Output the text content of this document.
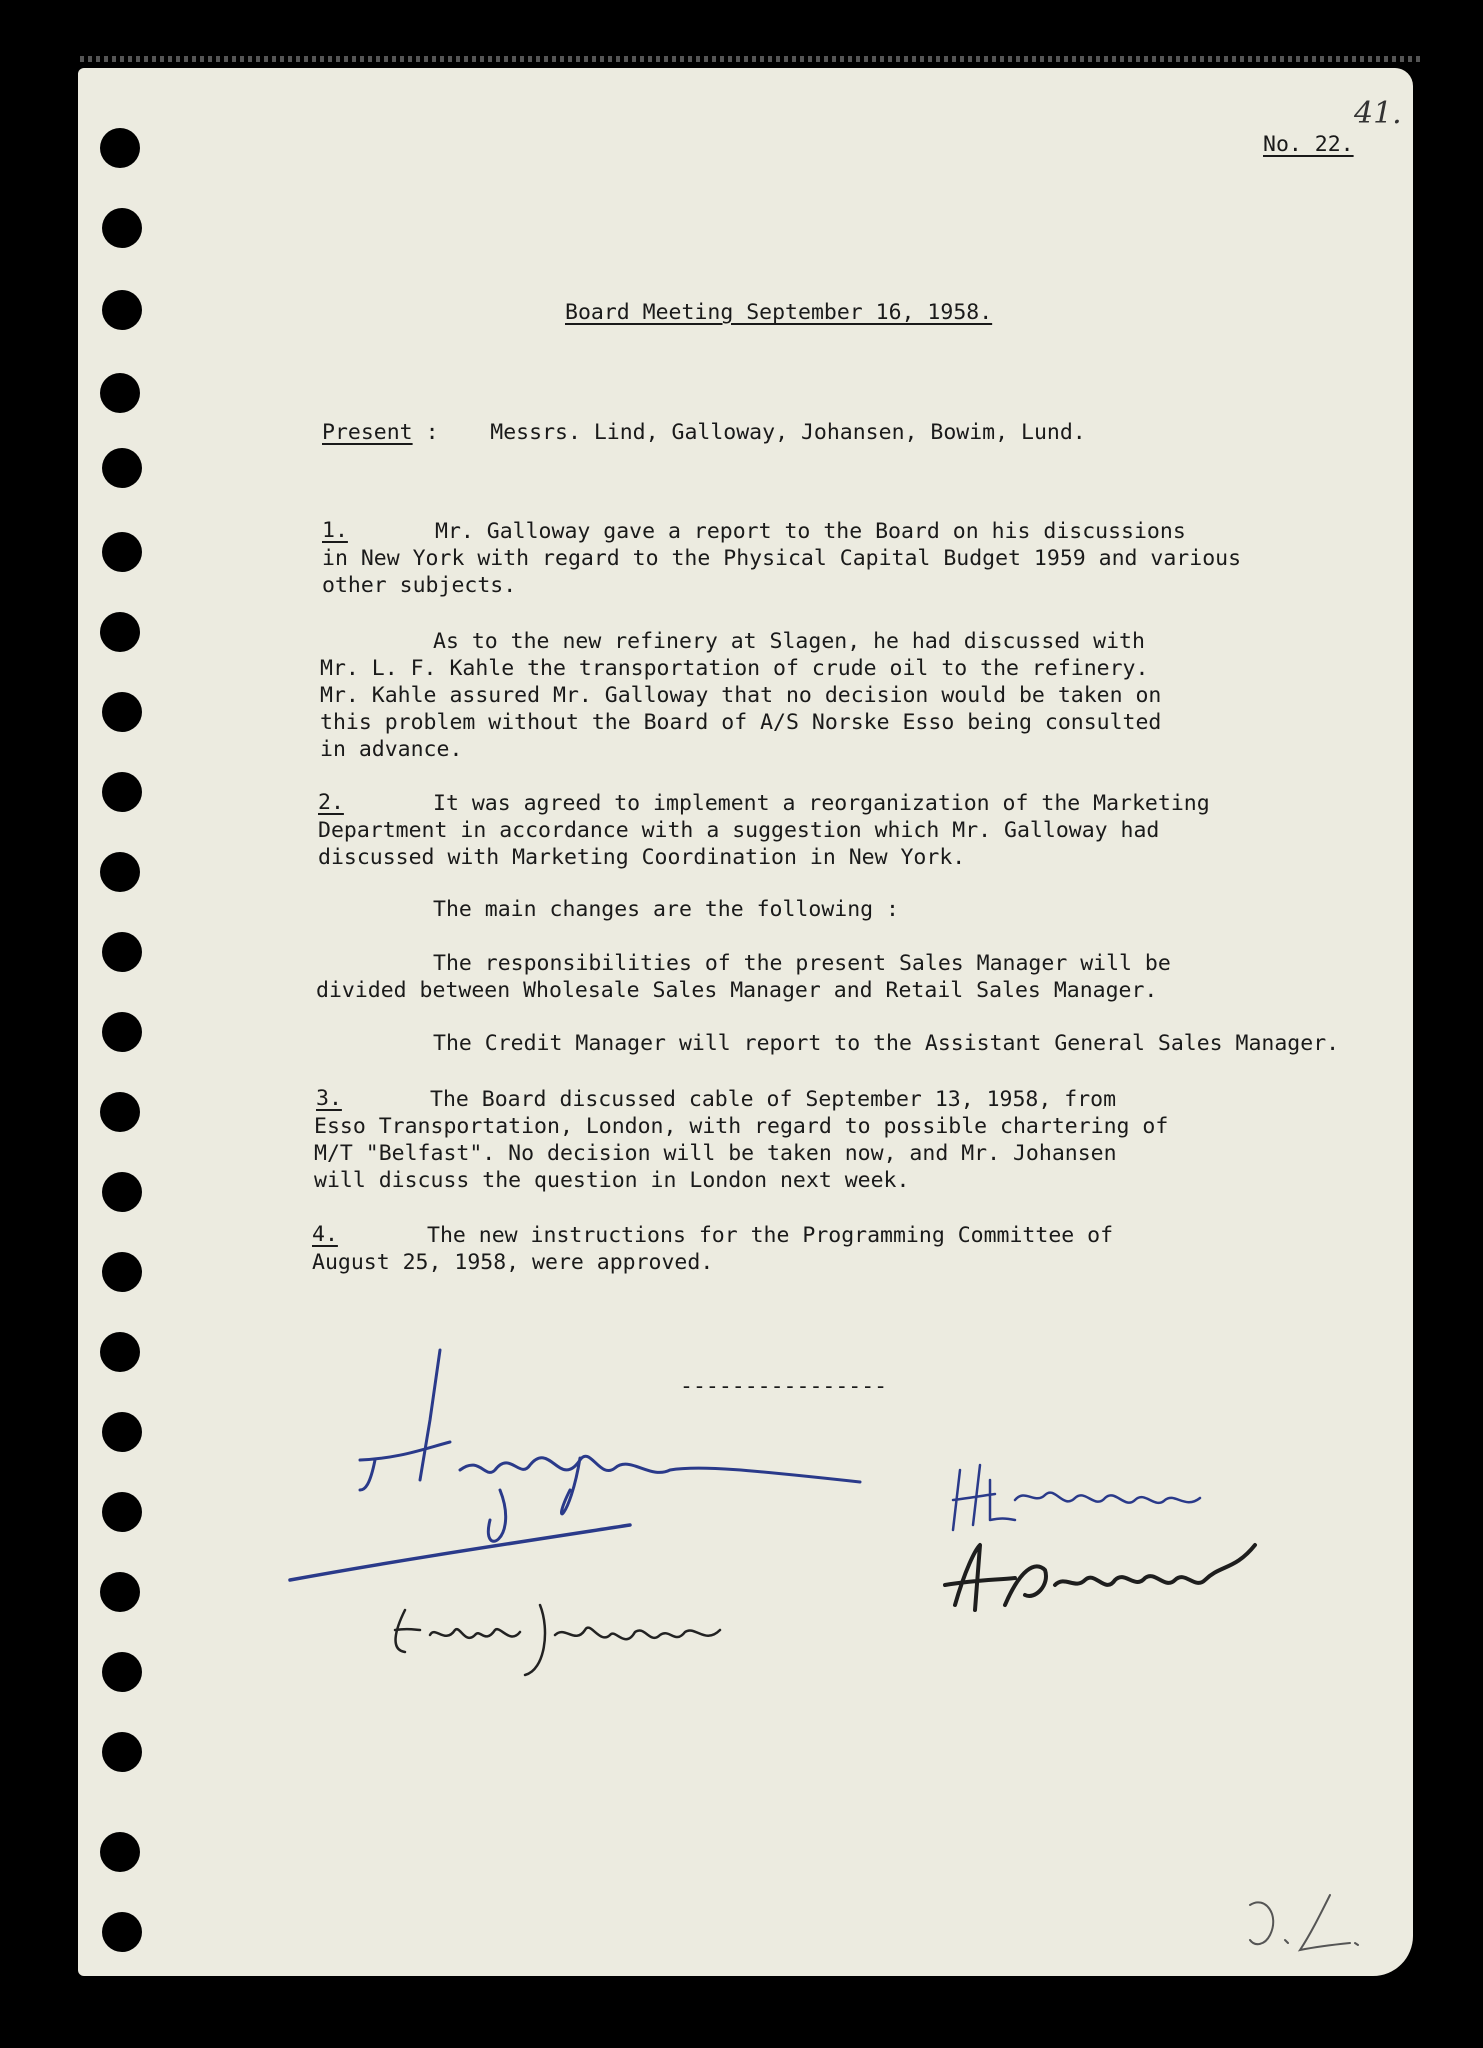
41.
No. 22.
Board Meeting September 16, 1958.
Present : Messrs. Lind, Galloway, Johansen, Bowim, Lund.
1.	Mr. Galloway gave a report to the Board on his discussions
in New York with regard to the Physical Capital Budget 1959 and various
other subjects.
As to the new refinery at Slagen, he had discussed with
Mr. L. F. Kahle the transportation of crude oil to the refinery.
Mr. Kahle assured Mr. Galloway that no decision would be taken on
this problem without the Board of A/S Norske Esso being consulted
in advance.
2.	It was agreed to implement a reorganization of the Marketing
Department in accordance with a suggestion which Mr. Galloway had
discussed with Marketing Coordination in New York.
The main changes are the following :
The responsibilities of the present Sales Manager will be
divided between Wholesale Sales Manager and Retail Sales Manager.
The Credit Manager will report to the Assistant General Sales Manager.
3.	The Board discussed cable of September 13, 1958, from
Esso Transportation, London, with regard to possible chartering of
M/T "Belfast". No decision will be taken now, and Mr. Johansen
will discuss the question in London next week.
4.	The new instructions for the Programming Committee of
August 25, 1958, were approved.
----------------
